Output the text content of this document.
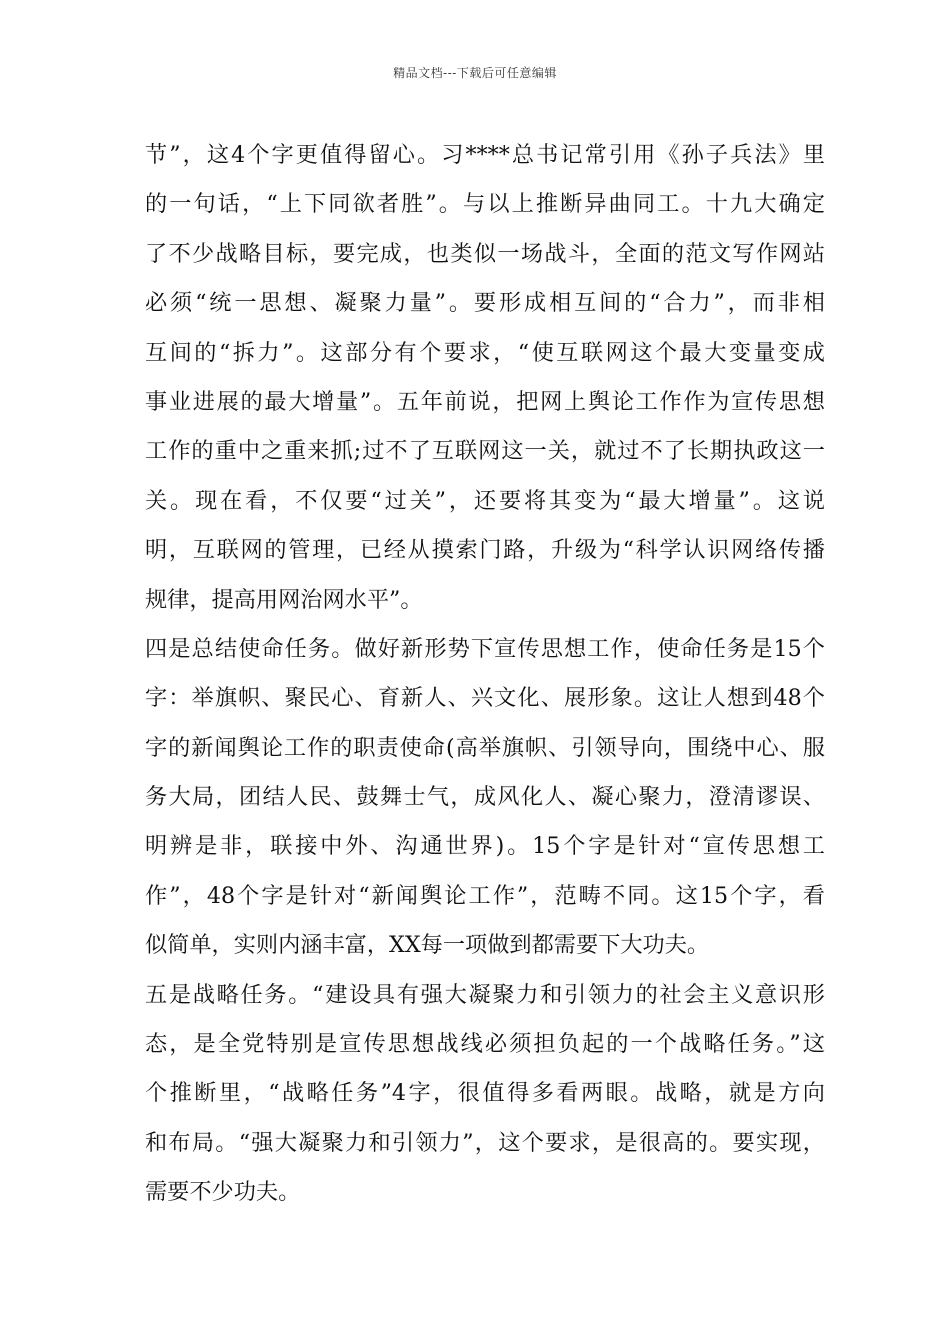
精品文档---下载后可任意编辑
节”，这4个字更值得留心。习****总书记常引用《孙子兵法》里
的一句话，“上下同欲者胜”。与以上推断异曲同工。十九大确定
了不少战略目标，要完成，也类似一场战斗，全面的范文写作网站
必须“统一思想、凝聚力量”。要形成相互间的“合力”，而非相
互间的“拆力”。这部分有个要求，“使互联网这个最大变量变成
事业进展的最大增量”。五年前说，把网上舆论工作作为宣传思想
工作的重中之重来抓;过不了互联网这一关，就过不了长期执政这一
关。现在看，不仅要“过关”，还要将其变为“最大增量”。这说
明，互联网的管理，已经从摸索门路，升级为“科学认识网络传播
规律，提高用网治网水平”。
四是总结使命任务。做好新形势下宣传思想工作，使命任务是15个
字：举旗帜、聚民心、育新人、兴文化、展形象。这让人想到48个
字的新闻舆论工作的职责使命(高举旗帜、引领导向，围绕中心、服
务大局，团结人民、鼓舞士气，成风化人、凝心聚力，澄清谬误、
明辨是非，联接中外、沟通世界)。15个字是针对“宣传思想工
作”，48个字是针对“新闻舆论工作”，范畴不同。这15个字，看
似简单，实则内涵丰富，XX每一项做到都需要下大功夫。
五是战略任务。“建设具有强大凝聚力和引领力的社会主义意识形
态，是全党特别是宣传思想战线必须担负起的一个战略任务。”这
个推断里，“战略任务”4字，很值得多看两眼。战略，就是方向
和布局。“强大凝聚力和引领力”，这个要求，是很高的。要实现，
需要不少功夫。
